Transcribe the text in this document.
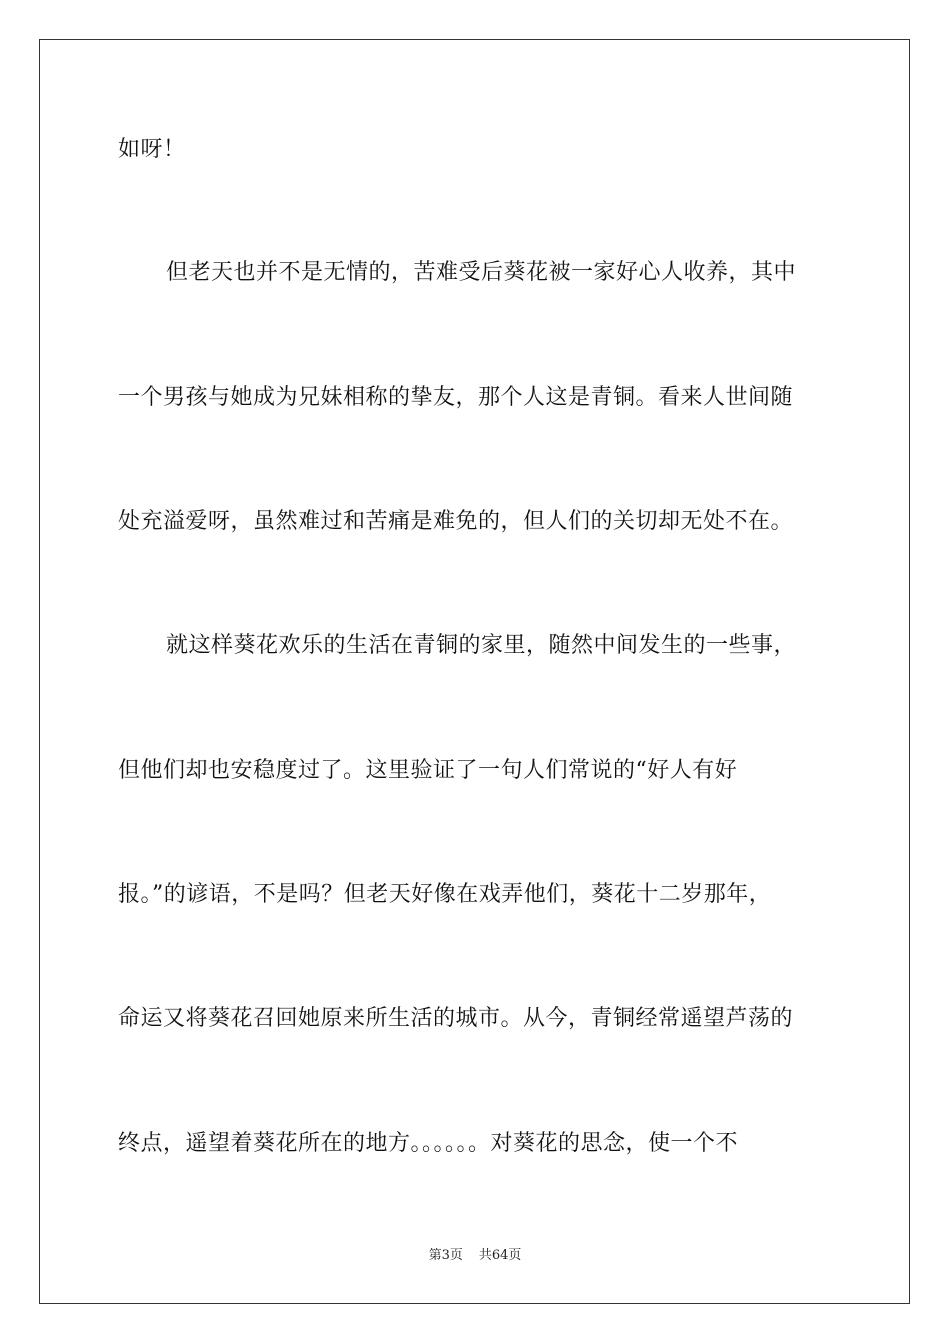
如呀！
但老天也并不是无情的，苦难受后葵花被一家好心人收养，其中
一个男孩与她成为兄妹相称的挚友，那个人这是青铜。看来人世间随
处充溢爱呀，虽然难过和苦痛是难免的，但人们的关切却无处不在。
就这样葵花欢乐的生活在青铜的家里，随然中间发生的一些事，
但他们却也安稳度过了。这里验证了一句人们常说的“好人有好
报。”的谚语，不是吗？但老天好像在戏弄他们，葵花十二岁那年，
命运又将葵花召回她原来所生活的城市。从今，青铜经常遥望芦荡的
终点，遥望着葵花所在的地方。。。。。。对葵花的思念，使一个不
第3页 共64页
